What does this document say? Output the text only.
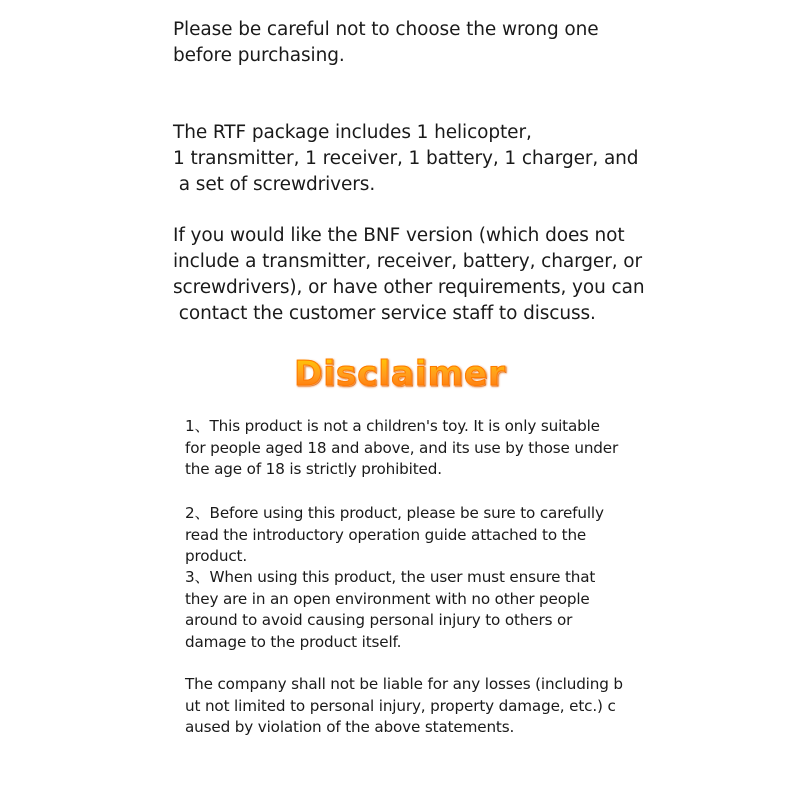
Please be careful not to choose the wrong one
before purchasing.
The RTF package includes 1 helicopter,
1 transmitter, 1 receiver, 1 battery, 1 charger, and
a set of screwdrivers.
If you would like the BNF version (which does not
include a transmitter, receiver, battery, charger, or
screwdrivers), or have other requirements, you can
contact the customer service staff to discuss.
Disclaimer
1、This product is not a children's toy. It is only suitable
for people aged 18 and above, and its use by those under
the age of 18 is strictly prohibited.
2、Before using this product, please be sure to carefully
read the introductory operation guide attached to the
product.
3、When using this product, the user must ensure that
they are in an open environment with no other people
around to avoid causing personal injury to others or
damage to the product itself.
The company shall not be liable for any losses (including b
ut not limited to personal injury, property damage, etc.) c
aused by violation of the above statements.
